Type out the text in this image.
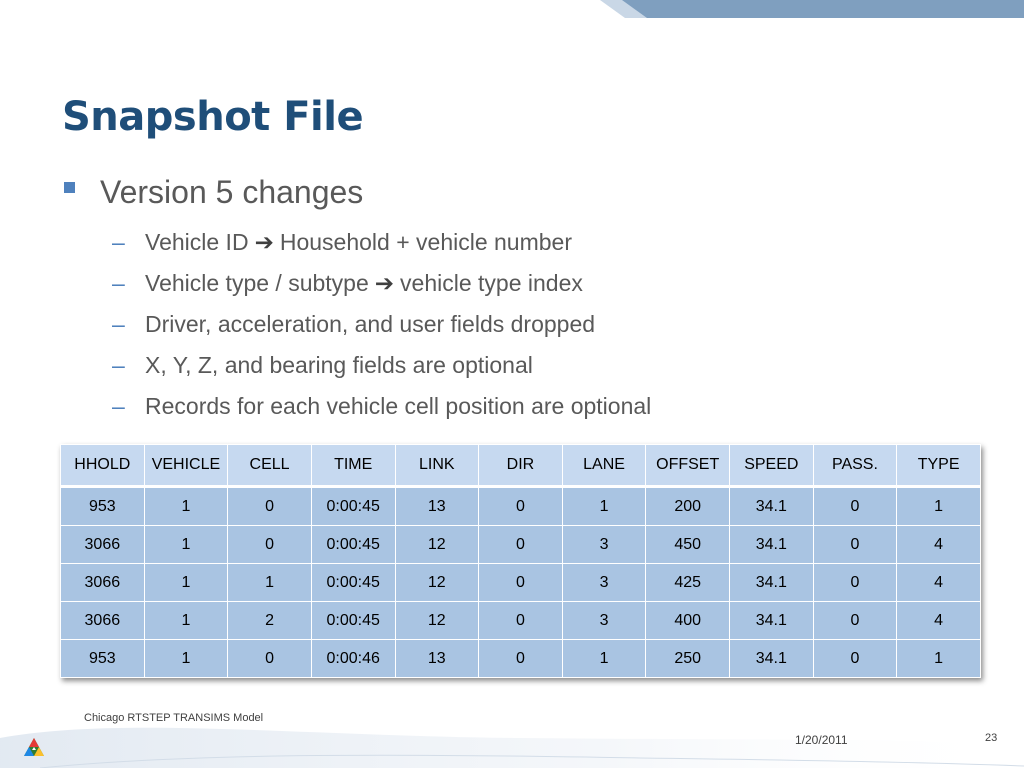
Snapshot File
Version 5 changes
– Vehicle ID ➔ Household + vehicle number
– Vehicle type / subtype ➔ vehicle type index
– Driver, acceleration, and user fields dropped
– X, Y, Z, and bearing fields are optional
– Records for each vehicle cell position are optional
HHOLD	VEHICLE	CELL	TIME	LINK	DIR	LANE	OFFSET	SPEED	PASS.	TYPE
953	1	0	0:00:45	13	0	1	200	34.1	0	1
3066	1	0	0:00:45	12	0	3	450	34.1	0	4
3066	1	1	0:00:45	12	0	3	425	34.1	0	4
3066	1	2	0:00:45	12	0	3	400	34.1	0	4
953	1	0	0:00:46	13	0	1	250	34.1	0	1
Chicago RTSTEP TRANSIMS Model
1/20/2011	23
